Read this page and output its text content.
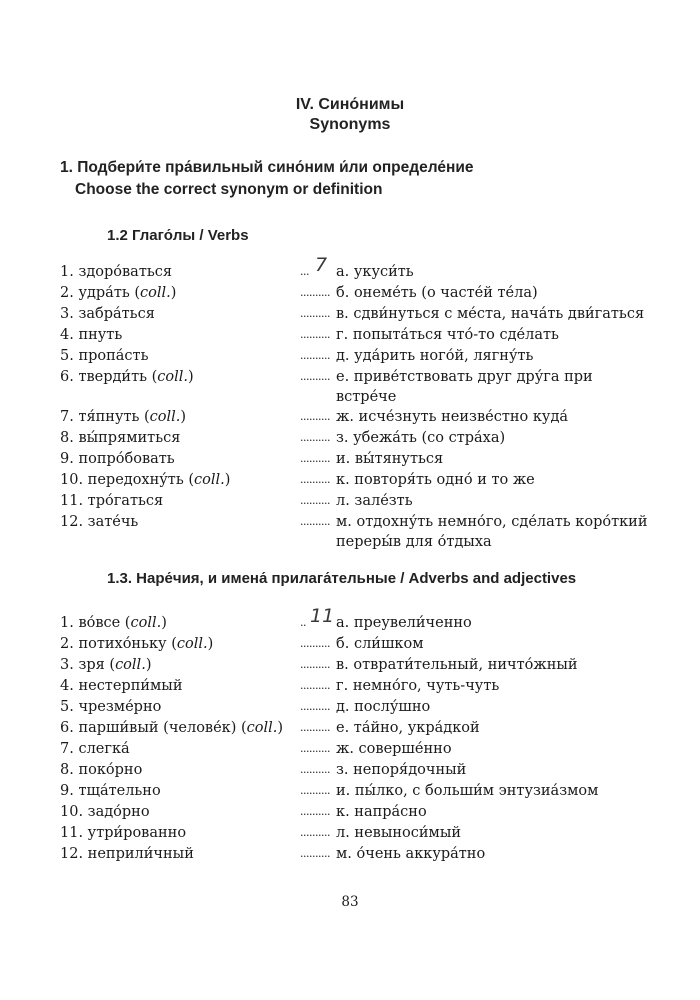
IV. Сино́нимы
Synonyms
1. Подбери́те пра́вильный сино́ним и́ли определе́ние
Choose the correct synonym or definition
1.2 Глаго́лы / Verbs
1. здоро́ваться	... 7 а. укуси́ть
2. удра́ть (coll.)	.......... б. онеме́ть (о часте́й те́ла)
3. забра́ться	.......... в. сдви́нуться с ме́ста, нача́ть дви́гаться
4. пнуть	.......... г. попыта́ться что́-то сде́лать
5. пропа́сть	.......... д. уда́рить ного́й, лягну́ть
6. тверди́ть (coll.)	.......... е. приве́тствовать друг дру́га при встре́че
7. тя́пнуть (coll.)	.......... ж. исче́знуть неизве́стно куда́
8. вы́прямиться	.......... з. убежа́ть (со стра́ха)
9. попро́бовать	.......... и. вы́тянуться
10. передохну́ть (coll.)	.......... к. повторя́ть одно́ и то же
11. тро́гаться	.......... л. зале́зть
12. зате́чь	.......... м. отдохну́ть немно́го, сде́лать коро́ткий переры́в для о́тдыха
1.3. Наре́чия, и имена́ прилага́тельные / Adverbs and adjectives
1. во́все (coll.)	.. 11 а. преувели́ченно
2. потихо́ньку (coll.)	.......... б. сли́шком
3. зря (coll.)	.......... в. отврати́тельный, ничто́жный
4. нестерпи́мый	.......... г. немно́го, чуть-чуть
5. чрезме́рно	.......... д. послу́шно
6. парши́вый (челове́к) (coll.) .......... е. та́йно, укра́дкой
7. слегка́	.......... ж. соверше́нно
8. поко́рно	.......... з. непоря́дочный
9. тща́тельно	.......... и. пы́лко, с больши́м энтузиа́змом
10. задо́рно	.......... к. напра́сно
11. утри́рованно	.......... л. невыноси́мый
12. неприли́чный	.......... м. о́чень аккура́тно
83
